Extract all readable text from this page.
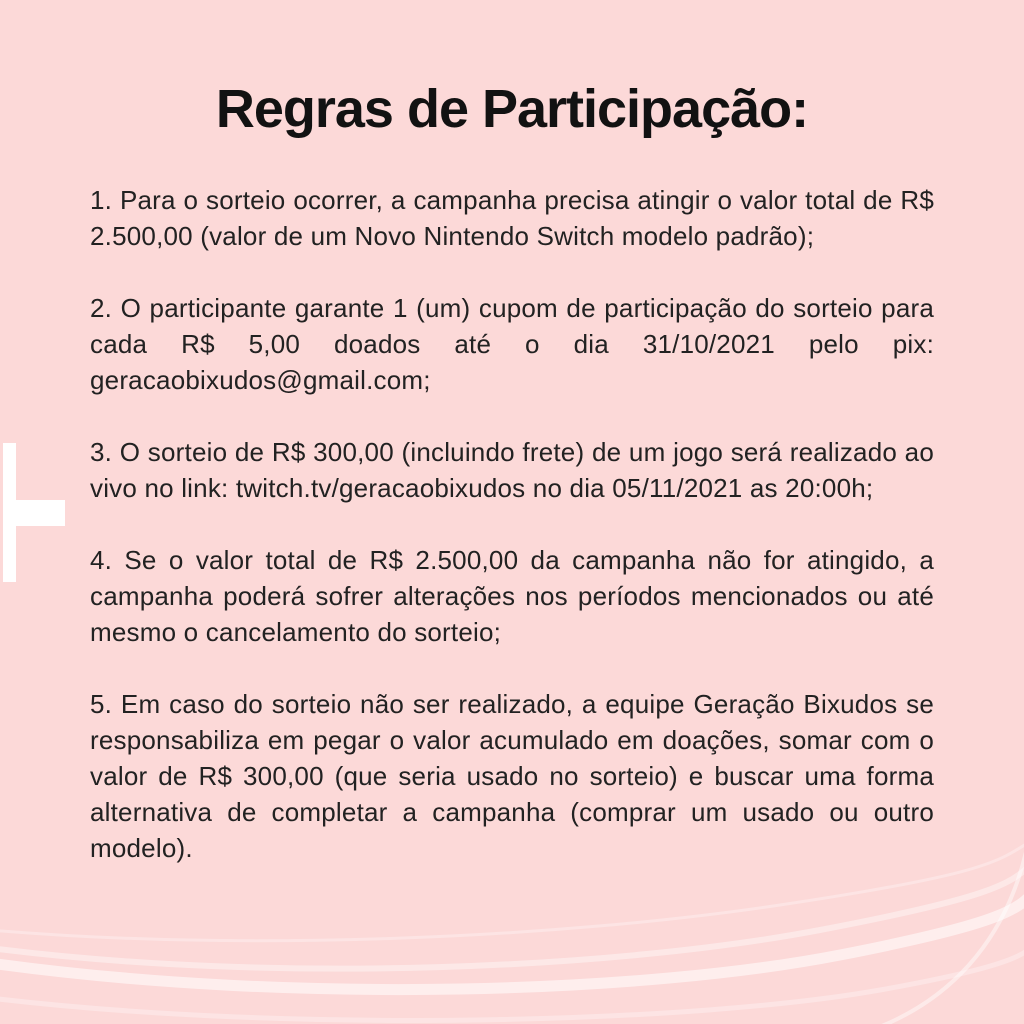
Regras de Participação:

1. Para o sorteio ocorrer, a campanha precisa atingir o valor total de R$ 2.500,00 (valor de um Novo Nintendo Switch modelo padrão);

2. O participante garante 1 (um) cupom de participação do sorteio para cada R$ 5,00 doados até o dia 31/10/2021 pelo pix: geracaobixudos@gmail.com;

3. O sorteio de R$ 300,00 (incluindo frete) de um jogo será realizado ao vivo no link: twitch.tv/geracaobixudos no dia 05/11/2021 as 20:00h;

4. Se o valor total de R$ 2.500,00 da campanha não for atingido, a campanha poderá sofrer alterações nos períodos mencionados ou até mesmo o cancelamento do sorteio;

5. Em caso do sorteio não ser realizado, a equipe Geração Bixudos se responsabiliza em pegar o valor acumulado em doações, somar com o valor de R$ 300,00 (que seria usado no sorteio) e buscar uma forma alternativa de completar a campanha (comprar um usado ou outro modelo).
